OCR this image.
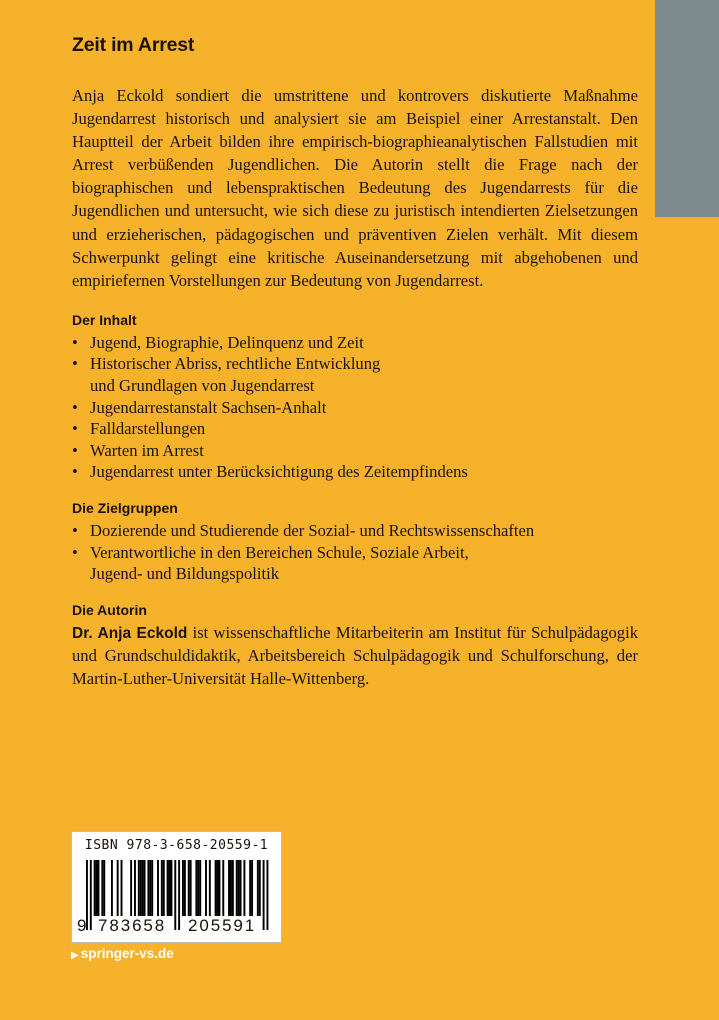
Zeit im Arrest

Anja Eckold sondiert die umstrittene und kontrovers diskutierte Maßnahme Jugendarrest historisch und analysiert sie am Beispiel einer Arrestanstalt. Den Hauptteil der Arbeit bilden ihre empirisch-biographieanalytischen Fallstudien mit Arrest verbüßenden Jugendlichen. Die Autorin stellt die Frage nach der biographischen und lebenspraktischen Bedeutung des Jugendarrests für die Jugendlichen und untersucht, wie sich diese zu juristisch intendierten Zielsetzungen und erzieherischen, pädagogischen und präventiven Zielen verhält. Mit diesem Schwerpunkt gelingt eine kritische Auseinandersetzung mit abgehobenen und empiriefernen Vorstellungen zur Bedeutung von Jugendarrest.

Der Inhalt
• Jugend, Biographie, Delinquenz und Zeit
• Historischer Abriss, rechtliche Entwicklung
und Grundlagen von Jugendarrest
• Jugendarrestanstalt Sachsen-Anhalt
• Falldarstellungen
• Warten im Arrest
• Jugendarrest unter Berücksichtigung des Zeitempfindens
Die Zielgruppen
• Dozierende und Studierende der Sozial- und Rechtswissenschaften
• Verantwortliche in den Bereichen Schule, Soziale Arbeit,
Jugend- und Bildungspolitik
Die Autorin

Dr. Anja Eckold ist wissenschaftliche Mitarbeiterin am Institut für Schulpädagogik und Grundschuldidaktik, Arbeitsbereich Schulpädagogik und Schulforschung, der Martin-Luther-Universität Halle-Wittenberg.

ISBN 978-3-658-20559-1
9 783658 205591
▶ springer-vs.de
